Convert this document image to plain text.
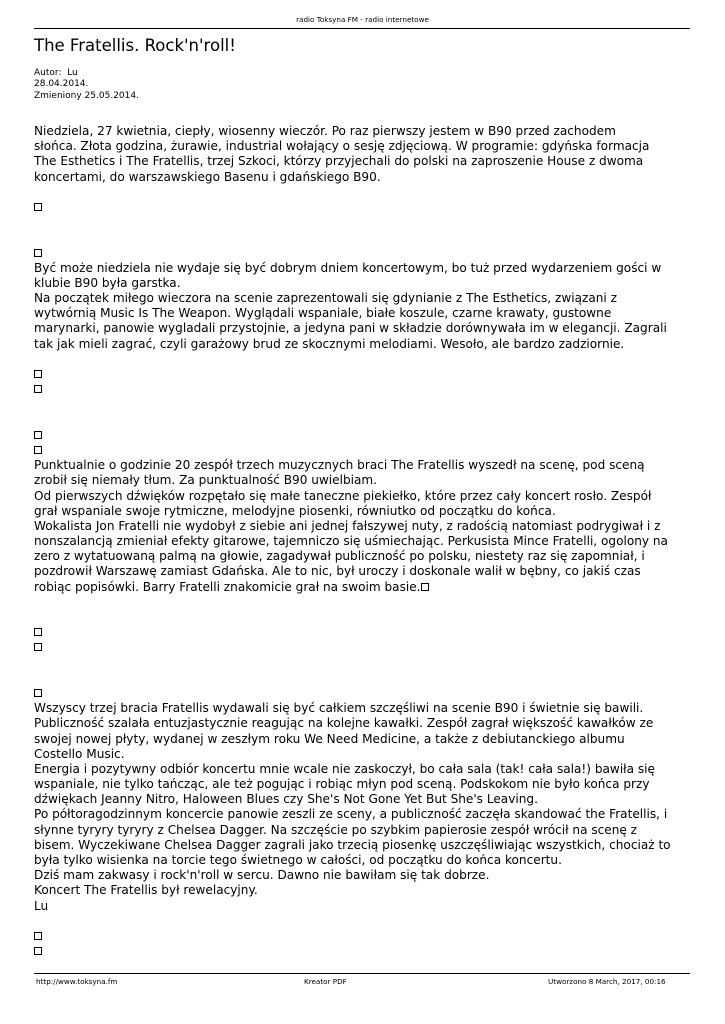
radio Toksyna FM - radio internetowe
The Fratellis. Rock'n'roll!
Autor:  Lu
28.04.2014.
Zmieniony 25.05.2014.

Niedziela, 27 kwietnia, ciepły, wiosenny wieczór. Po raz pierwszy jestem w B90 przed zachodem
słońca. Złota godzina, żurawie, industrial wołający o sesję zdjęciową. W programie: gdyńska formacja
The Esthetics i The Fratellis, trzej Szkoci, którzy przyjechali do polski na zaproszenie House z dwoma
koncertami, do warszawskiego Basenu i gdańskiego B90.

Być może niedziela nie wydaje się być dobrym dniem koncertowym, bo tuż przed wydarzeniem gości w
klubie B90 była garstka.
Na początek miłego wieczora na scenie zaprezentowali się gdynianie z The Esthetics, związani z
wytwórnią Music Is The Weapon. Wyglądali wspaniale, białe koszule, czarne krawaty, gustowne
marynarki, panowie wygladali przystojnie, a jedyna pani w składzie dorównywała im w elegancji. Zagrali
tak jak mieli zagrać, czyli garażowy brud ze skocznymi melodiami. Wesoło, ale bardzo zadziornie.

Punktualnie o godzinie 20 zespół trzech muzycznych braci The Fratellis wyszedł na scenę, pod sceną
zrobił się niemały tłum. Za punktualność B90 uwielbiam.
Od pierwszych dźwięków rozpętało się małe taneczne piekiełko, które przez cały koncert rosło. Zespół
grał wspaniale swoje rytmiczne, melodyjne piosenki, równiutko od początku do końca.
Wokalista Jon Fratelli nie wydobył z siebie ani jednej fałszywej nuty, z radością natomiast podrygiwał i z
nonszalancją zmieniał efekty gitarowe, tajemniczo się uśmiechając. Perkusista Mince Fratelli, ogolony na
zero z wytatuowaną palmą na głowie, zagadywał publiczność po polsku, niestety raz się zapomniał, i
pozdrowił Warszawę zamiast Gdańska. Ale to nic, był uroczy i doskonale walił w bębny, co jakiś czas
robiąc popisówki. Barry Fratelli znakomicie grał na swoim basie.

Wszyscy trzej bracia Fratellis wydawali się być całkiem szczęśliwi na scenie B90 i świetnie się bawili.
Publiczność szalała entuzjastycznie reagując na kolejne kawałki. Zespół zagrał większość kawałków ze
swojej nowej płyty, wydanej w zeszłym roku We Need Medicine, a także z debiutanckiego albumu
Costello Music.
Energia i pozytywny odbiór koncertu mnie wcale nie zaskoczył, bo cała sala (tak! cała sala!) bawiła się
wspaniale, nie tylko tańcząc, ale też pogując i robiąc młyn pod sceną. Podskokom nie było końca przy
dźwiękach Jeanny Nitro, Haloween Blues czy She's Not Gone Yet But She's Leaving.
Po półtoragodzinnym koncercie panowie zeszli ze sceny, a publiczność zaczęła skandować the Fratellis, i
słynne tyryry tyryry z Chelsea Dagger. Na szczęście po szybkim papierosie zespół wrócił na scenę z
bisem. Wyczekiwane Chelsea Dagger zagrali jako trzecią piosenkę uszczęśliwiając wszystkich, chociaż to
była tylko wisienka na torcie tego świetnego w całości, od początku do końca koncertu.
Dziś mam zakwasy i rock'n'roll w sercu. Dawno nie bawiłam się tak dobrze.
Koncert The Fratellis był rewelacyjny.
Lu

http://www.toksyna.fm	Kreator PDF	Utworzono 8 March, 2017, 00:16
